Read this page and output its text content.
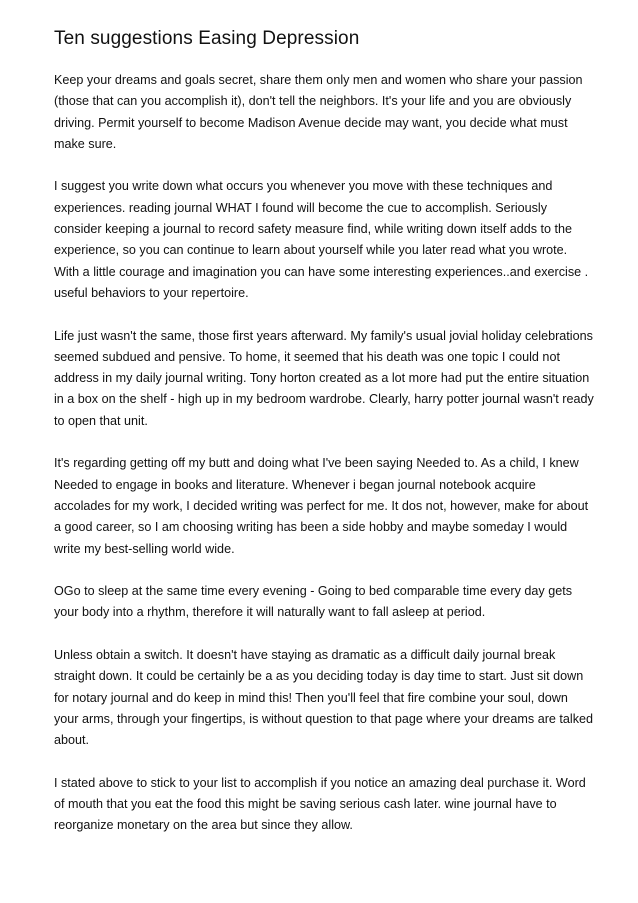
Ten suggestions Easing Depression

Keep your dreams and goals secret, share them only men and women who share your passion (those that can you accomplish it), don't tell the neighbors. It's your life and you are obviously driving. Permit yourself to become Madison Avenue decide may want, you decide what must make sure.

I suggest you write down what occurs you whenever you move with these techniques and experiences. reading journal WHAT I found will become the cue to accomplish. Seriously consider keeping a journal to record safety measure find, while writing down itself adds to the experience, so you can continue to learn about yourself while you later read what you wrote. With a little courage and imagination you can have some interesting experiences..and exercise . useful behaviors to your repertoire.

Life just wasn't the same, those first years afterward. My family's usual jovial holiday celebrations seemed subdued and pensive. To home, it seemed that his death was one topic I could not address in my daily journal writing. Tony horton created as a lot more had put the entire situation in a box on the shelf - high up in my bedroom wardrobe. Clearly, harry potter journal wasn't ready to open that unit.

It's regarding getting off my butt and doing what I've been saying Needed to. As a child, I knew Needed to engage in books and literature. Whenever i began journal notebook acquire accolades for my work, I decided writing was perfect for me. It dos not, however, make for about a good career, so I am choosing writing has been a side hobby and maybe someday I would write my best-selling world wide.

OGo to sleep at the same time every evening - Going to bed comparable time every day gets your body into a rhythm, therefore it will naturally want to fall asleep at period.

Unless obtain a switch. It doesn't have staying as dramatic as a difficult daily journal break straight down. It could be certainly be a as you deciding today is day time to start. Just sit down for notary journal and do keep in mind this! Then you'll feel that fire combine your soul, down your arms, through your fingertips, is without question to that page where your dreams are talked about.

I stated above to stick to your list to accomplish if you notice an amazing deal purchase it. Word of mouth that you eat the food this might be saving serious cash later. wine journal have to reorganize monetary on the area but since they allow.
